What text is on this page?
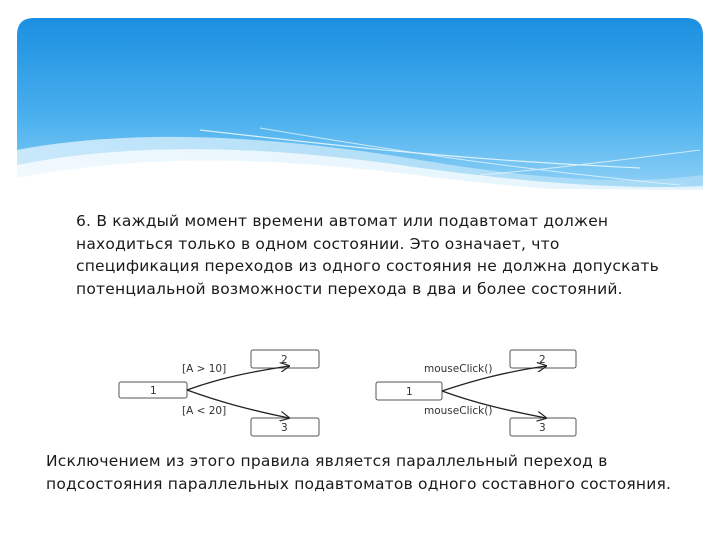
6. В каждый момент времени автомат или подавтомат должен находиться только в одном состоянии. Это означает, что спецификация переходов из одного состояния не должна допускать потенциальной возможности перехода в два и более состояний.
1
2
3
[A > 10]
[A < 20]
1
2
3
mouseClick()
mouseClick()
Исключением из этого правила является параллельный переход в подсостояния параллельных подавтоматов одного составного состояния.
